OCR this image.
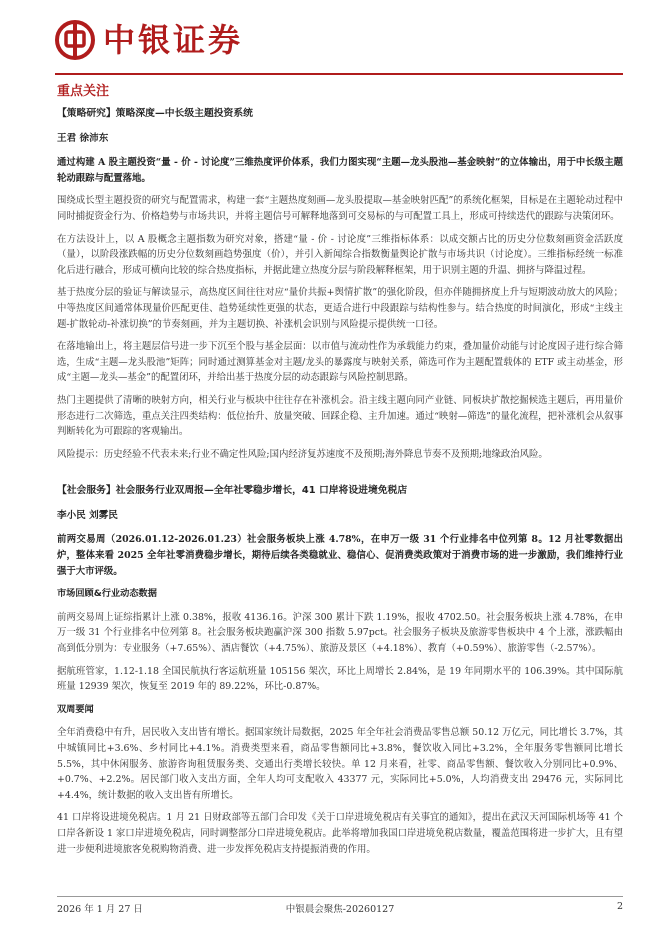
中银证券
重点关注
【策略研究】策略深度—中长级主题投资系统
王君 徐沛东
通过构建 A 股主题投资“量 - 价 - 讨论度”三维热度评价体系，我们力图实现“主题—龙头股池—基金映射”的立体输出，用于中长级主题轮动跟踪与配置落地。

围绕成长型主题投资的研究与配置需求，构建一套“主题热度刻画—龙头股提取—基金映射匹配”的系统化框架，目标是在主题轮动过程中同时捕捉资金行为、价格趋势与市场共识，并将主题信号可解释地落到可交易标的与可配置工具上，形成可持续迭代的跟踪与决策闭环。

在方法设计上，以 A 股概念主题指数为研究对象，搭建“量 - 价 - 讨论度”三维指标体系：以成交额占比的历史分位数刻画资金活跃度（量），以阶段涨跌幅的历史分位数刻画趋势强度（价），并引入新闻综合指数衡量舆论扩散与市场共识（讨论度）。三维指标经统一标准化后进行融合，形成可横向比较的综合热度指标，并据此建立热度分层与阶段解释框架，用于识别主题的升温、拥挤与降温过程。

基于热度分层的验证与解读显示，高热度区间往往对应“量价共振+舆情扩散”的强化阶段，但亦伴随拥挤度上升与短期波动放大的风险；中等热度区间通常体现量价匹配更佳、趋势延续性更强的状态，更适合进行中段跟踪与结构性参与。结合热度的时间演化，形成“主线主题-扩散轮动-补涨切换”的节奏刻画，并为主题切换、补涨机会识别与风险提示提供统一口径。

在落地输出上，将主题层信号进一步下沉至个股与基金层面：以市值与流动性作为承载能力约束，叠加量价动能与讨论度因子进行综合筛选，生成“主题—龙头股池”矩阵；同时通过测算基金对主题/龙头的暴露度与映射关系，筛选可作为主题配置载体的 ETF 或主动基金，形成“主题—龙头—基金”的配置闭环，并给出基于热度分层的动态跟踪与风险控制思路。

热门主题提供了清晰的映射方向，相关行业与板块中往往存在补涨机会。沿主线主题向同产业链、同板块扩散挖掘候选主题后，再用量价形态进行二次筛选，重点关注四类结构：低位抬升、放量突破、回踩企稳、主升加速。通过“映射—筛选”的量化流程，把补涨机会从叙事判断转化为可跟踪的客观输出。

风险提示：历史经验不代表未来;行业不确定性风险;国内经济复苏速度不及预期;海外降息节奏不及预期;地缘政治风险。

【社会服务】社会服务行业双周报—全年社零稳步增长，41 口岸将设进境免税店
李小民 刘雾民
前两交易周（2026.01.12-2026.01.23）社会服务板块上涨 4.78%，在申万一级 31 个行业排名中位列第 8。12 月社零数据出炉，整体来看 2025 全年社零消费稳步增长，期待后续各类稳就业、稳信心、促消费类政策对于消费市场的进一步激励，我们维持行业强于大市评级。
市场回顾&行业动态数据

前两交易周上证综指累计上涨 0.38%，报收 4136.16。沪深 300 累计下跌 1.19%，报收 4702.50。社会服务板块上涨 4.78%，在申万一级 31 个行业排名中位列第 8。社会服务板块跑赢沪深 300 指数 5.97pct。社会服务子板块及旅游零售板块中 4 个上涨，涨跌幅由高到低分别为：专业服务（+7.65%）、酒店餐饮（+4.75%）、旅游及景区（+4.18%）、教育（+0.59%）、旅游零售（-2.57%）。

据航班管家，1.12-1.18 全国民航执行客运航班量 105156 架次，环比上周增长 2.84%，是 19 年同期水平的 106.39%。其中国际航班量 12939 架次，恢复至 2019 年的 89.22%，环比-0.87%。

双周要闻

全年消费稳中有升，居民收入支出皆有增长。据国家统计局数据，2025 年全年社会消费品零售总额 50.12 万亿元，同比增长 3.7%，其中城镇同比+3.6%、乡村同比+4.1%。消费类型来看，商品零售额同比+3.8%，餐饮收入同比+3.2%，全年服务零售额同比增长 5.5%，其中休闲服务、旅游咨询租赁服务类、交通出行类增长较快。单 12 月来看，社零、商品零售额、餐饮收入分别同比+0.9%、+0.7%、+2.2%。居民部门收入支出方面，全年人均可支配收入 43377 元，实际同比+5.0%，人均消费支出 29476 元，实际同比+4.4%，统计数据的收入支出皆有所增长。

41 口岸将设进境免税店。1 月 21 日财政部等五部门合印发《关于口岸进境免税店有关事宜的通知》，提出在武汉天河国际机场等 41 个口岸各新设 1 家口岸进境免税店，同时调整部分口岸进境免税店。此举将增加我国口岸进境免税店数量，覆盖范围将进一步扩大，且有望进一步便利进境旅客免税购物消费、进一步发挥免税店支持提振消费的作用。

2026 年 1 月 27 日	中银晨会聚焦-20260127	2
